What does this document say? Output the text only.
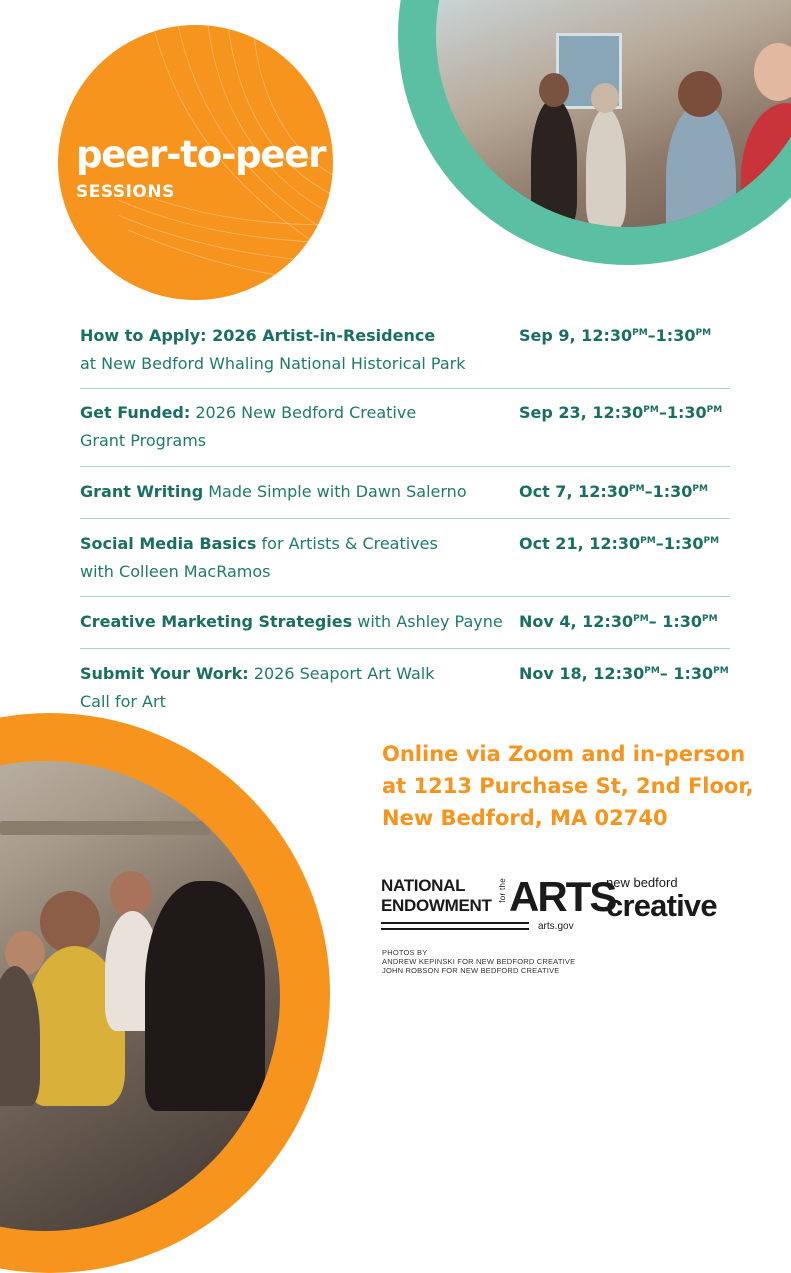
peer-to-peer
SESSIONS
How to Apply: 2026 Artist-in-Residence
at New Bedford Whaling National Historical Park
Sep 9, $12:30^{PM}-1:30^{PM}$
Get Funded: 2026 New Bedford Creative Grant Programs
Sep 23, $12:30^{PM}-1:30^{PM}$
Grant Writing Made Simple with Dawn Salerno	Oct 7, $12:30^{PM}-1:30^{PM}$
Social Media Basics for Artists & Creatives with Colleen MacRamos
Oct 21, $12:30^{PM}-1:30^{PM}$
Creative Marketing Strategies with Ashley Payne	Nov 4, $12:30^{PM}-$ $1:30^{PM}$
Submit Your Work: 2026 Seaport Art Walk Call for Art
Nov 18, $12:30^{PM}-$ $1:30^{PM}$
Online via Zoom and in-person
at 1213 Purchase St, 2nd Floor,
New Bedford, MA 02740
NATIONAL
ENDOWMENT
for the ARTS
arts.gov
new bedford
creative
PHOTOS BY
ANDREW KEPINSKI FOR NEW BEDFORD CREATIVE
JOHN ROBSON FOR NEW BEDFORD CREATIVE
